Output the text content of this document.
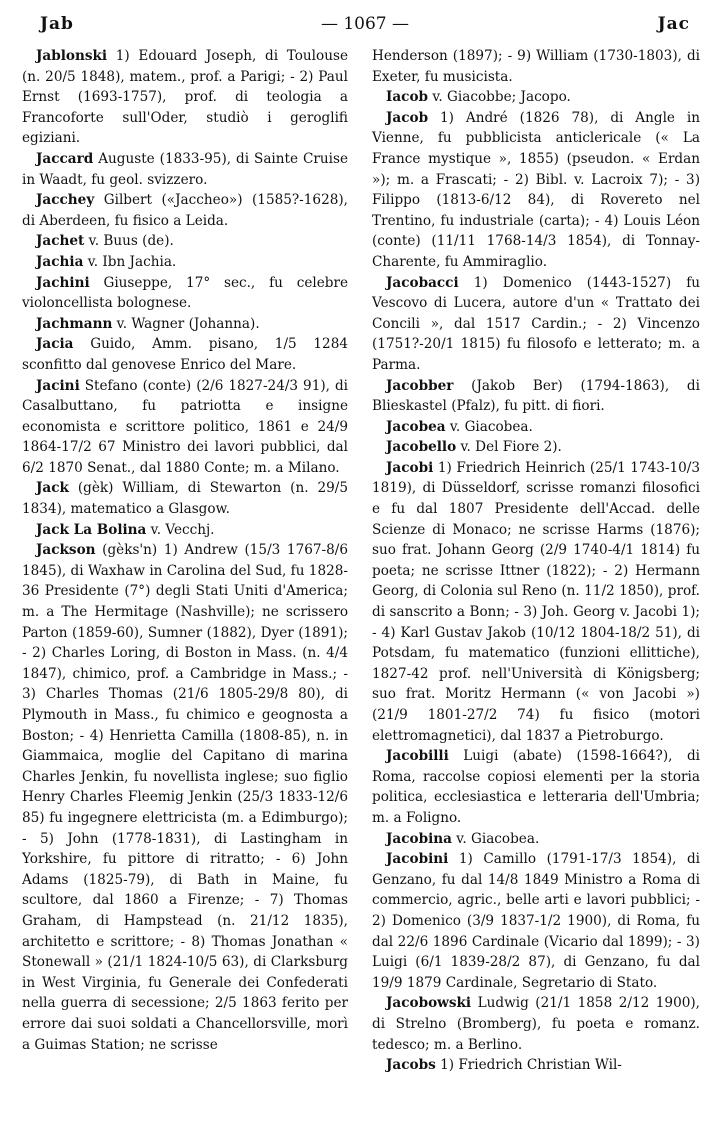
Jab	— 1067 —	Jac
Jablonski 1) Edouard Joseph, di Toulouse (n. 20/5 1848), matem., prof. a Parigi; - 2) Paul Ernst (1693-1757), prof. di teologia a Francoforte sull'Oder, studiò i geroglifi egiziani.
Jaccard Auguste (1833-95), di Sainte Cruise in Waadt, fu geol. svizzero.
Jacchey Gilbert («Jaccheo») (1585?-1628), di Aberdeen, fu fisico a Leida.
Jachet v. Buus (de).
Jachia v. Ibn Jachia.
Jachini Giuseppe, 17° sec., fu celebre violoncellista bolognese.
Jachmann v. Wagner (Johanna).
Jacia Guido, Amm. pisano, 1/5 1284 sconfitto dal genovese Enrico del Mare.
Jacini Stefano (conte) (2/6 1827-24/3 91), di Casalbuttano, fu patriotta e insigne economista e scrittore politico, 1861 e 24/9 1864-17/2 67 Ministro dei lavori pubblici, dal 6/2 1870 Senat., dal 1880 Conte; m. a Milano.
Jack (gèk) William, di Stewarton (n. 29/5 1834), matematico a Glasgow.
Jack La Bolina v. Vecchj.
Jackson (gèks'n) 1) Andrew (15/3 1767-8/6 1845), di Waxhaw in Carolina del Sud, fu 1828-36 Presidente (7°) degli Stati Uniti d'America; m. a The Hermitage (Nashville); ne scrissero Parton (1859-60), Sumner (1882), Dyer (1891); - 2) Charles Loring, di Boston in Mass. (n. 4/4 1847), chimico, prof. a Cambridge in Mass.; - 3) Charles Thomas (21/6 1805-29/8 80), di Plymouth in Mass., fu chimico e geognosta a Boston; - 4) Henrietta Camilla (1808-85), n. in Giammaica, moglie del Capitano di marina Charles Jenkin, fu novellista inglese; suo figlio Henry Charles Fleemig Jenkin (25/3 1833-12/6 85) fu ingegnere elettricista (m. a Edimburgo); - 5) John (1778-1831), di Lastingham in Yorkshire, fu pittore di ritratto; - 6) John Adams (1825-79), di Bath in Maine, fu scultore, dal 1860 a Firenze; - 7) Thomas Graham, di Hampstead (n. 21/12 1835), architetto e scrittore; - 8) Thomas Jonathan « Stonewall » (21/1 1824-10/5 63), di Clarksburg in West Virginia, fu Generale dei Confederati nella guerra di secessione; 2/5 1863 ferito per errore dai suoi soldati a Chancellorsville, morì a Guimas Station; ne scrisse
Henderson (1897); - 9) William (1730-1803), di Exeter, fu musicista.
Iacob v. Giacobbe; Jacopo.
Jacob 1) André (1826 78), di Angle in Vienne, fu pubblicista anticlericale (« La France mystique », 1855) (pseudon. « Erdan »); m. a Frascati; - 2) Bibl. v. Lacroix 7); - 3) Filippo (1813-6/12 84), di Rovereto nel Trentino, fu industriale (carta); - 4) Louis Léon (conte) (11/11 1768-14/3 1854), di Tonnay-Charente, fu Ammiraglio.
Jacobacci 1) Domenico (1443-1527) fu Vescovo di Lucera, autore d'un « Trattato dei Concili », dal 1517 Cardin.; - 2) Vincenzo (1751?-20/1 1815) fu filosofo e letterato; m. a Parma.
Jacobber (Jakob Ber) (1794-1863), di Blieskastel (Pfalz), fu pitt. di fiori.
Jacobea v. Giacobea.
Jacobello v. Del Fiore 2).
Jacobi 1) Friedrich Heinrich (25/1 1743-10/3 1819), di Düsseldorf, scrisse romanzi filosofici e fu dal 1807 Presidente dell'Accad. delle Scienze di Monaco; ne scrisse Harms (1876); suo frat. Johann Georg (2/9 1740-4/1 1814) fu poeta; ne scrisse Ittner (1822); - 2) Hermann Georg, di Colonia sul Reno (n. 11/2 1850), prof. di sanscrito a Bonn; - 3) Joh. Georg v. Jacobi 1); - 4) Karl Gustav Jakob (10/12 1804-18/2 51), di Potsdam, fu matematico (funzioni ellittiche), 1827-42 prof. nell'Università di Königsberg; suo frat. Moritz Hermann (« von Jacobi ») (21/9 1801-27/2 74) fu fisico (motori elettromagnetici), dal 1837 a Pietroburgo.
Jacobilli Luigi (abate) (1598-1664?), di Roma, raccolse copiosi elementi per la storia politica, ecclesiastica e letteraria dell'Umbria; m. a Foligno.
Jacobina v. Giacobea.
Jacobini 1) Camillo (1791-17/3 1854), di Genzano, fu dal 14/8 1849 Ministro a Roma di commercio, agric., belle arti e lavori pubblici; - 2) Domenico (3/9 1837-1/2 1900), di Roma, fu dal 22/6 1896 Cardinale (Vicario dal 1899); - 3) Luigi (6/1 1839-28/2 87), di Genzano, fu dal 19/9 1879 Cardinale, Segretario di Stato.
Jacobowski Ludwig (21/1 1858 2/12 1900), di Strelno (Bromberg), fu poeta e romanz. tedesco; m. a Berlino.
Jacobs 1) Friedrich Christian Wil-
